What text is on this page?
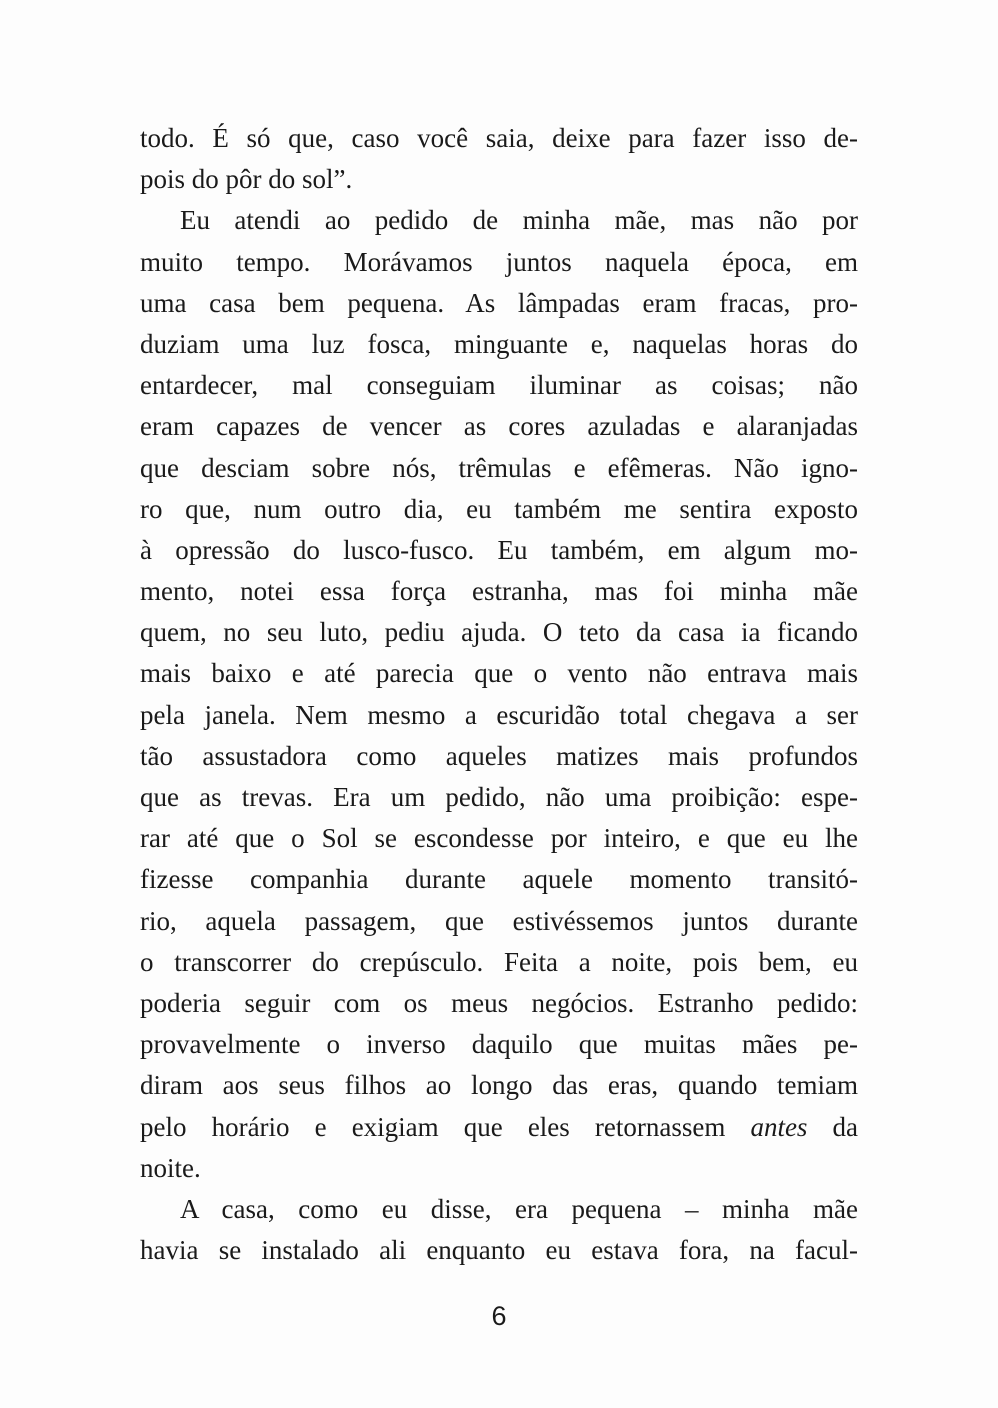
todo. É só que, caso você saia, deixe para fazer isso de-
pois do pôr do sol”.
Eu atendi ao pedido de minha mãe, mas não por
muito tempo. Morávamos juntos naquela época, em
uma casa bem pequena. As lâmpadas eram fracas, pro-
duziam uma luz fosca, minguante e, naquelas horas do
entardecer, mal conseguiam iluminar as coisas; não
eram capazes de vencer as cores azuladas e alaranjadas
que desciam sobre nós, trêmulas e efêmeras. Não igno-
ro que, num outro dia, eu também me sentira exposto
à opressão do lusco-fusco. Eu também, em algum mo-
mento, notei essa força estranha, mas foi minha mãe
quem, no seu luto, pediu ajuda. O teto da casa ia ficando
mais baixo e até parecia que o vento não entrava mais
pela janela. Nem mesmo a escuridão total chegava a ser
tão assustadora como aqueles matizes mais profundos
que as trevas. Era um pedido, não uma proibição: espe-
rar até que o Sol se escondesse por inteiro, e que eu lhe
fizesse companhia durante aquele momento transitó-
rio, aquela passagem, que estivéssemos juntos durante
o transcorrer do crepúsculo. Feita a noite, pois bem, eu
poderia seguir com os meus negócios. Estranho pedido:
provavelmente o inverso daquilo que muitas mães pe-
diram aos seus filhos ao longo das eras, quando temiam
pelo horário e exigiam que eles retornassem antes da
noite.
A casa, como eu disse, era pequena – minha mãe
havia se instalado ali enquanto eu estava fora, na facul-
6
